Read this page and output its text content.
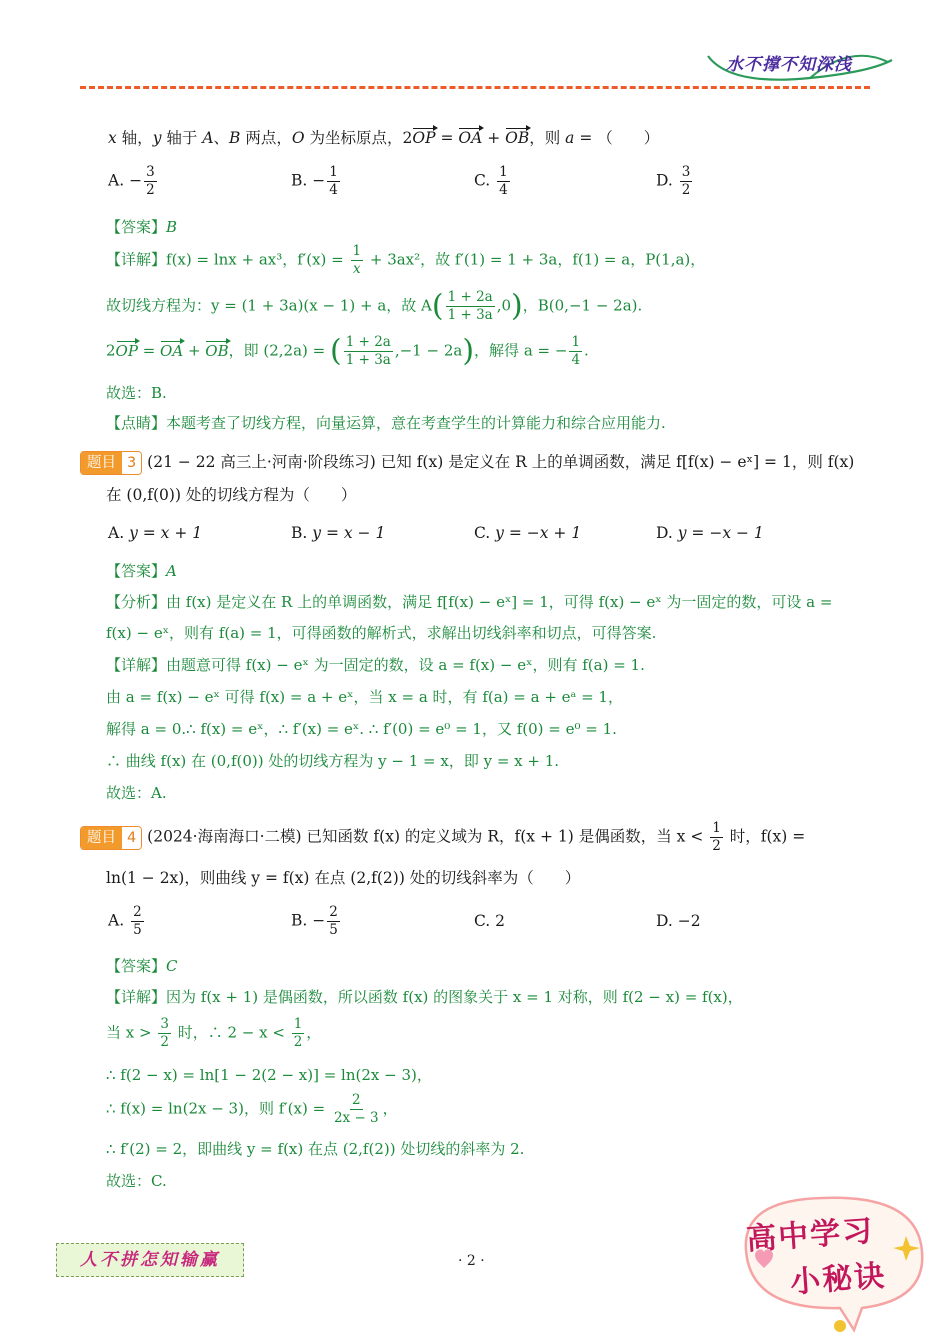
水不撑不知深浅
x 轴，y 轴于 A、B 两点，O 为坐标原点，2OP = OA + OB，则 a = （　　）
A. − $\frac{3}{2}$	B. − $\frac{1}{4}$	C. $\frac{1}{4}$	D. $\frac{3}{2}$
【答案】B
【详解】f(x) = lnx + ax³，$f'(x) = \frac{1}{x} + 3ax^2$，故 f′(1) = 1 + 3a，f(1) = a，P(1,a)，
故切线方程为：y = (1 + 3a)(x − 1) + a，故 $A( \frac{1 + 2a}{1 + 3a} ,0)$，B(0,−1 − 2a).
2OP = OA + OB，即 (2,2a) = ( $\frac{1 + 2a}{1 + 3a} ,-1 - 2a$)，解得 a = − $\frac{1}{4}$ .
故选：B.
【点睛】本题考查了切线方程，向量运算，意在考查学生的计算能力和综合应用能力.
题目 3 (21 − 22 高三上·河南·阶段练习) 已知 f(x) 是定义在 R 上的单调函数，满足 f[f(x) − eˣ] = 1，则 f(x)
在 (0,f(0)) 处的切线方程为（　　）
A. y = x + 1	B. y = x − 1	C. y = −x + 1	D. y = −x − 1
【答案】A
【分析】由 f(x) 是定义在 R 上的单调函数，满足 f[f(x) − eˣ] = 1，可得 f(x) − eˣ 为一固定的数，可设 a =
f(x) − eˣ，则有 f(a) = 1，可得函数的解析式，求解出切线斜率和切点，可得答案.
【详解】由题意可得 f(x) − eˣ 为一固定的数，设 a = f(x) − eˣ，则有 f(a) = 1.
由 a = f(x) − eˣ 可得 f(x) = a + eˣ，当 x = a 时，有 f(a) = a + eᵃ = 1，
解得 a = 0.∴ f(x) = eˣ，∴ f′(x) = eˣ. ∴ f′(0) = e⁰ = 1，又 f(0) = e⁰ = 1.
∴ 曲线 f(x) 在 (0,f(0)) 处的切线方程为 y − 1 = x，即 y = x + 1.
故选：A.
题目 4 (2024·海南海口·二模) 已知函数 f(x) 的定义域为 R，f(x + 1) 是偶函数，当 $x < \frac{1}{2}$ 时，f(x) =
ln(1 − 2x)，则曲线 y = f(x) 在点 (2,f(2)) 处的切线斜率为（　　）
A. $\frac{2}{5}$	B. − $\frac{2}{5}$	C. 2	D. −2
【答案】C
【详解】因为 f(x + 1) 是偶函数，所以函数 f(x) 的图象关于 x = 1 对称，则 f(2 − x) = f(x)，
当 $x > \frac{3}{2}$ 时，∴ $2 - x < \frac{1}{2}$ ，
∴ f(2 − x) = ln[1 − 2(2 − x)] = ln(2x − 3)，
∴ f(x) = ln(2x − 3)，则 $f'(x) = \frac{2}{2x - 3}$ ，
∴ f′(2) = 2，即曲线 y = f(x) 在点 (2,f(2)) 处切线的斜率为 2.
故选：C.
人不拼怎知输赢	· 2 ·
高中学习
小秘诀
